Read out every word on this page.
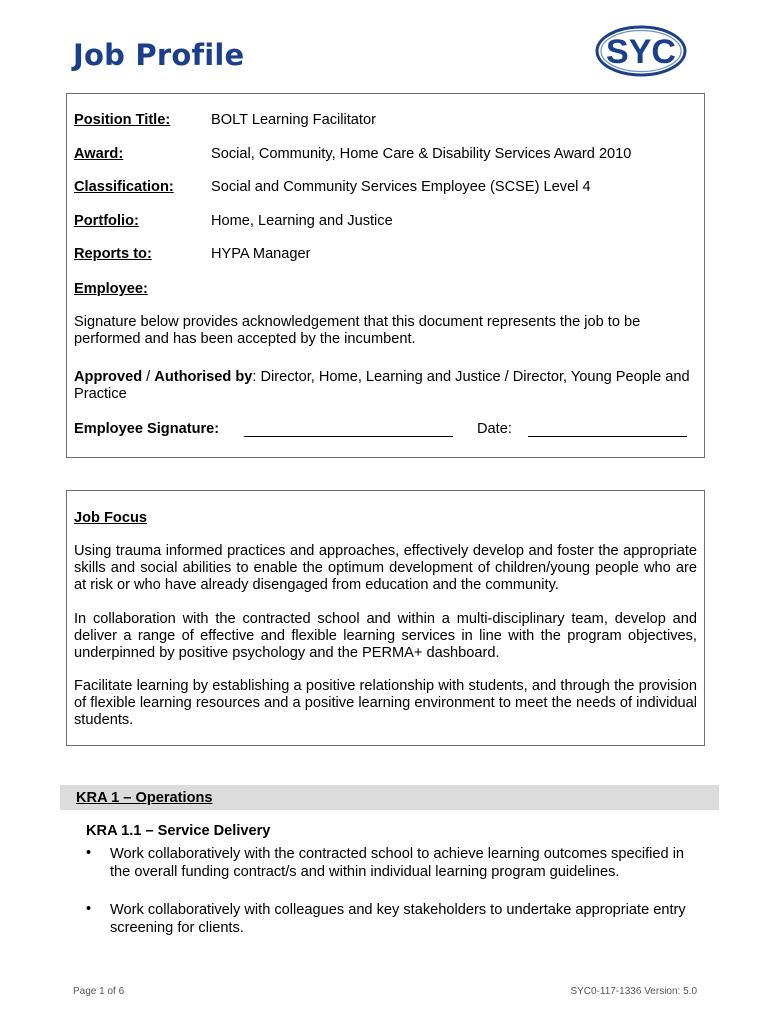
Job Profile	SYC
Position Title:	BOLT Learning Facilitator
Award:	Social, Community, Home Care & Disability Services Award 2010
Classification:	Social and Community Services Employee (SCSE) Level 4
Portfolio:	Home, Learning and Justice
Reports to:	HYPA Manager
Employee:
Signature below provides acknowledgement that this document represents the job to be performed and has been accepted by the incumbent.
Approved / Authorised by: Director, Home, Learning and Justice / Director, Young People and Practice
Employee Signature:	Date:
Job Focus
Using trauma informed practices and approaches, effectively develop and foster the appropriate skills and social abilities to enable the optimum development of children/young people who are at risk or who have already disengaged from education and the community.
In collaboration with the contracted school and within a multi-disciplinary team, develop and deliver a range of effective and flexible learning services in line with the program objectives, underpinned by positive psychology and the PERMA+ dashboard.
Facilitate learning by establishing a positive relationship with students, and through the provision of flexible learning resources and a positive learning environment to meet the needs of individual students.
KRA 1 – Operations
KRA 1.1 – Service Delivery
• Work collaboratively with the contracted school to achieve learning outcomes specified in the overall funding contract/s and within individual learning program guidelines.
• Work collaboratively with colleagues and key stakeholders to undertake appropriate entry screening for clients.
Page 1 of 6	SYC0-117-1336 Version: 5.0
